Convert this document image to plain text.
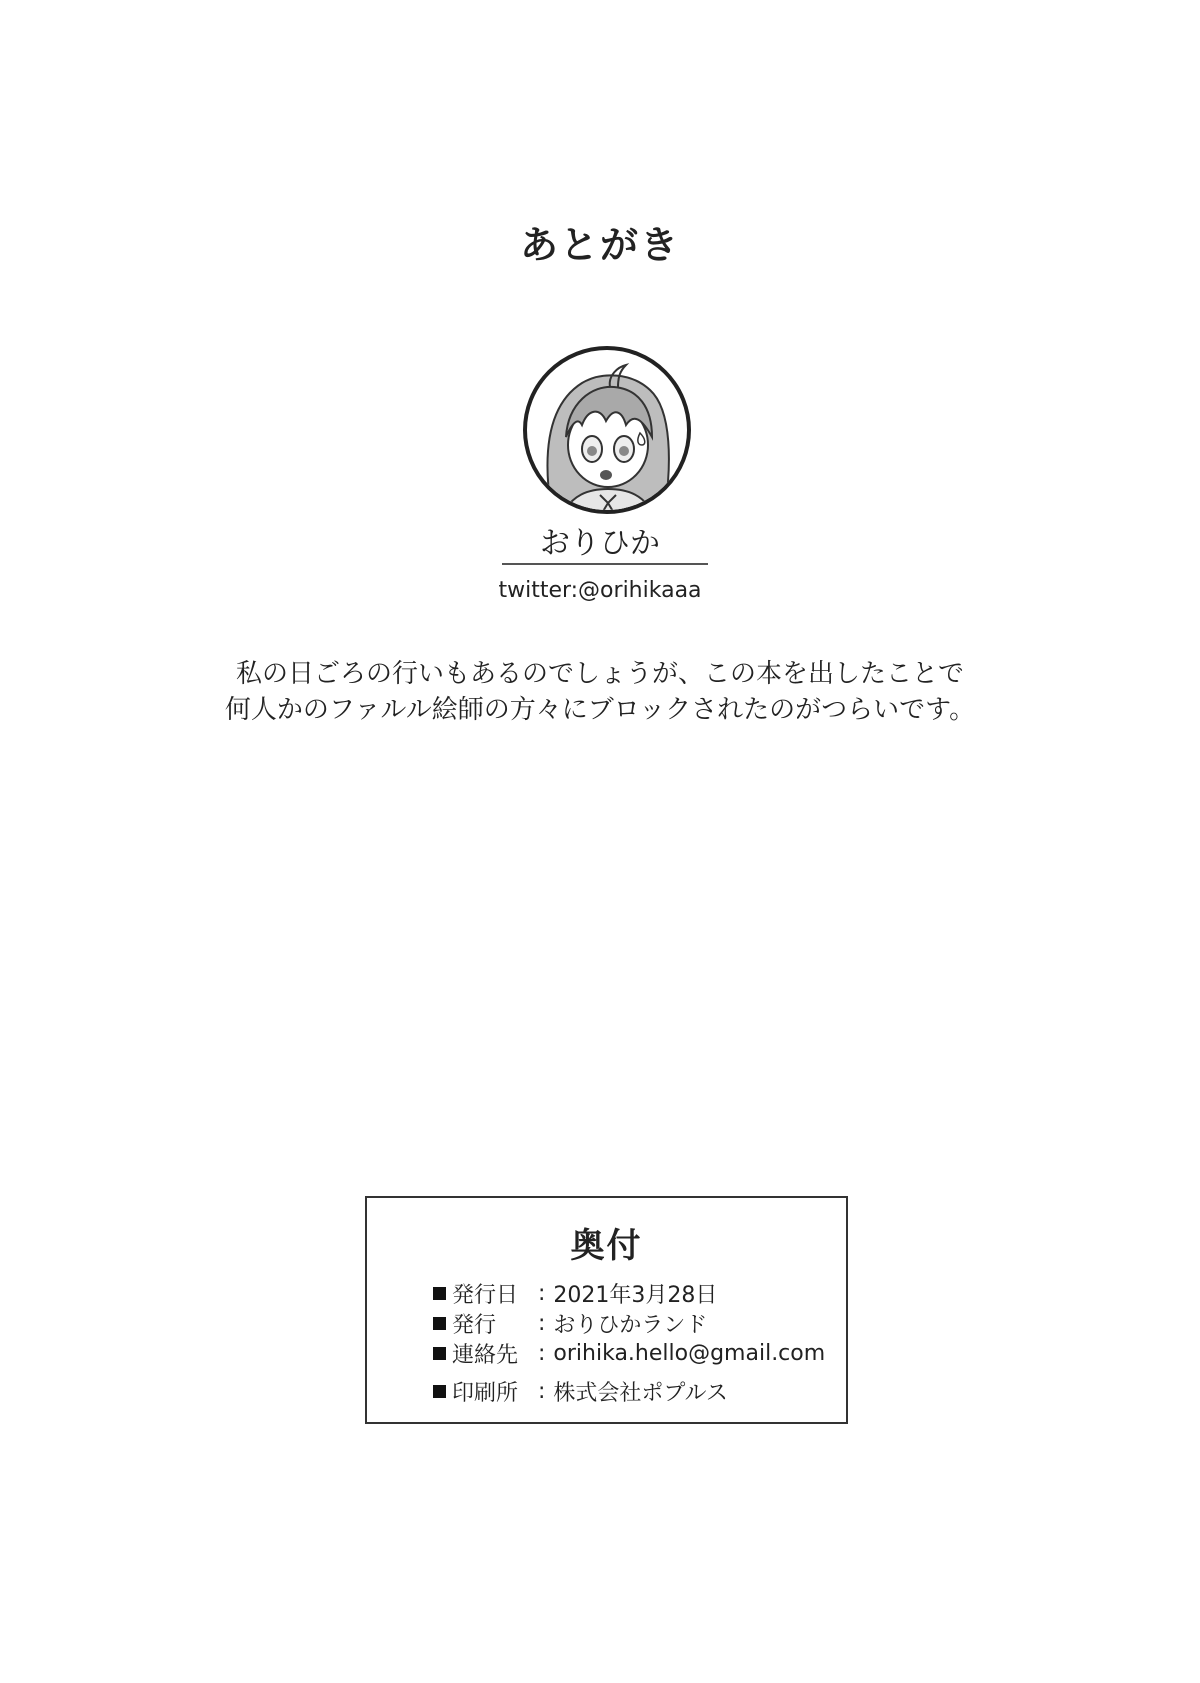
あとがき
おりひか
twitter:@orihikaaa
私の日ごろの行いもあるのでしょうが、この本を出したことで
何人かのファルル絵師の方々にブロックされたのがつらいです。
奥付
発行日 : 2021年3月28日
発行	: おりひかランド
連絡先 : orihika.hello@gmail.com
印刷所 : 株式会社ポプルス
